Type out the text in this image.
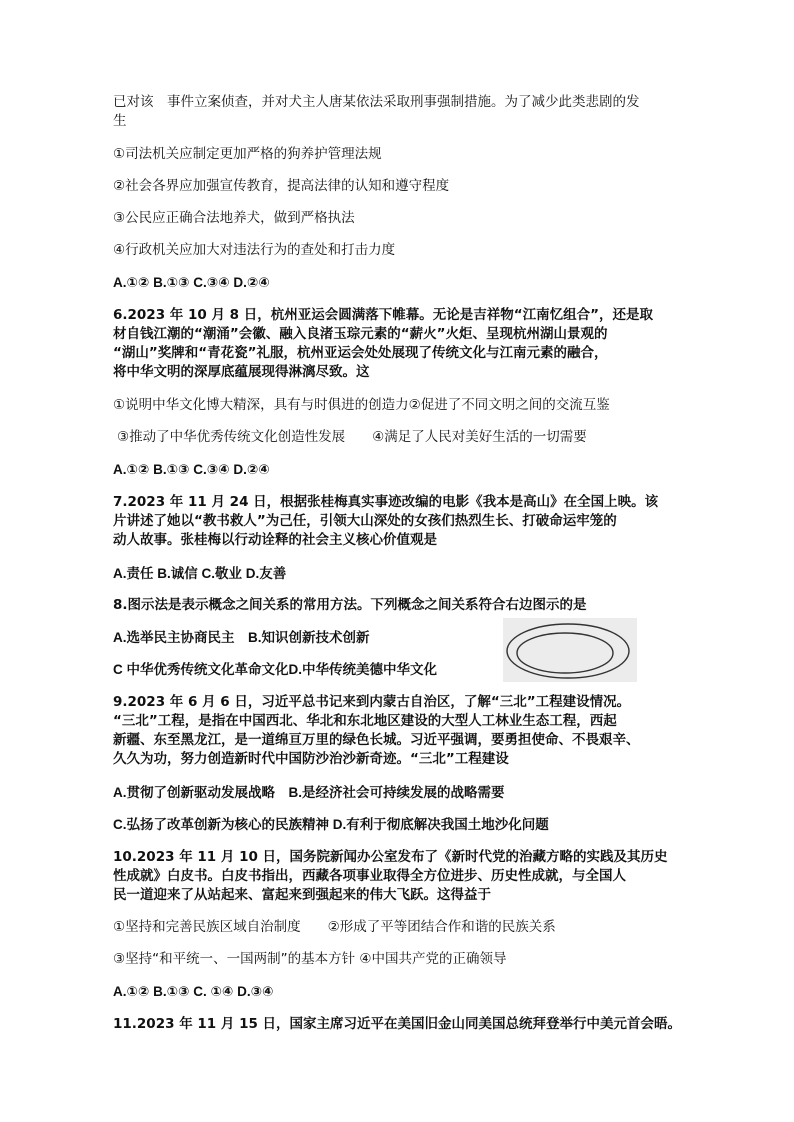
已对该　事件立案侦查，并对犬主人唐某依法采取刑事强制措施。为了减少此类悲剧的发
生
①司法机关应制定更加严格的狗养护管理法规
②社会各界应加强宣传教育，提高法律的认知和遵守程度
③公民应正确合法地养犬，做到严格执法
④行政机关应加大对违法行为的查处和打击力度
A.①② B.①③ C.③④ D.②④
6.2023 年 10 月 8 日，杭州亚运会圆满落下帷幕。无论是吉祥物“江南忆组合”，还是取
材自钱江潮的“潮涌”会徽、融入良渚玉琮元素的“薪火”火炬、呈现杭州湖山景观的
“湖山”奖牌和“青花瓷”礼服，杭州亚运会处处展现了传统文化与江南元素的融合，
将中华文明的深厚底蕴展现得淋漓尽致。这
①说明中华文化博大精深，具有与时俱进的创造力②促进了不同文明之间的交流互鉴
③推动了中华优秀传统文化创造性发展　　④满足了人民对美好生活的一切需要
A.①② B.①③ C.③④ D.②④
7.2023 年 11 月 24 日，根据张桂梅真实事迹改编的电影《我本是高山》在全国上映。该
片讲述了她以“教书救人”为己任，引领大山深处的女孩们热烈生长、打破命运牢笼的
动人故事。张桂梅以行动诠释的社会主义核心价值观是
A.责任 B.诚信 C.敬业 D.友善
8.图示法是表示概念之间关系的常用方法。下列概念之间关系符合右边图示的是
A.选举民主协商民主　B.知识创新技术创新
C 中华优秀传统文化革命文化D.中华传统美德中华文化
9.2023 年 6 月 6 日，习近平总书记来到内蒙古自治区，了解“三北”工程建设情况。
“三北”工程，是指在中国西北、华北和东北地区建设的大型人工林业生态工程，西起
新疆、东至黑龙江，是一道绵亘万里的绿色长城。习近平强调，要勇担使命、不畏艰辛、
久久为功，努力创造新时代中国防沙治沙新奇迹。“三北”工程建设
A.贯彻了创新驱动发展战略　B.是经济社会可持续发展的战略需要
C.弘扬了改革创新为核心的民族精神 D.有利于彻底解决我国土地沙化问题
10.2023 年 11 月 10 日，国务院新闻办公室发布了《新时代党的治藏方略的实践及其历史
性成就》白皮书。白皮书指出，西藏各项事业取得全方位进步、历史性成就，与全国人
民一道迎来了从站起来、富起来到强起来的伟大飞跃。这得益于
①坚持和完善民族区域自治制度　　②形成了平等团结合作和谐的民族关系
③坚持“和平统一、一国两制”的基本方针 ④中国共产党的正确领导
A.①② B.①③ C. ①④ D.③④
11.2023 年 11 月 15 日，国家主席习近平在美国旧金山同美国总统拜登举行中美元首会晤。
